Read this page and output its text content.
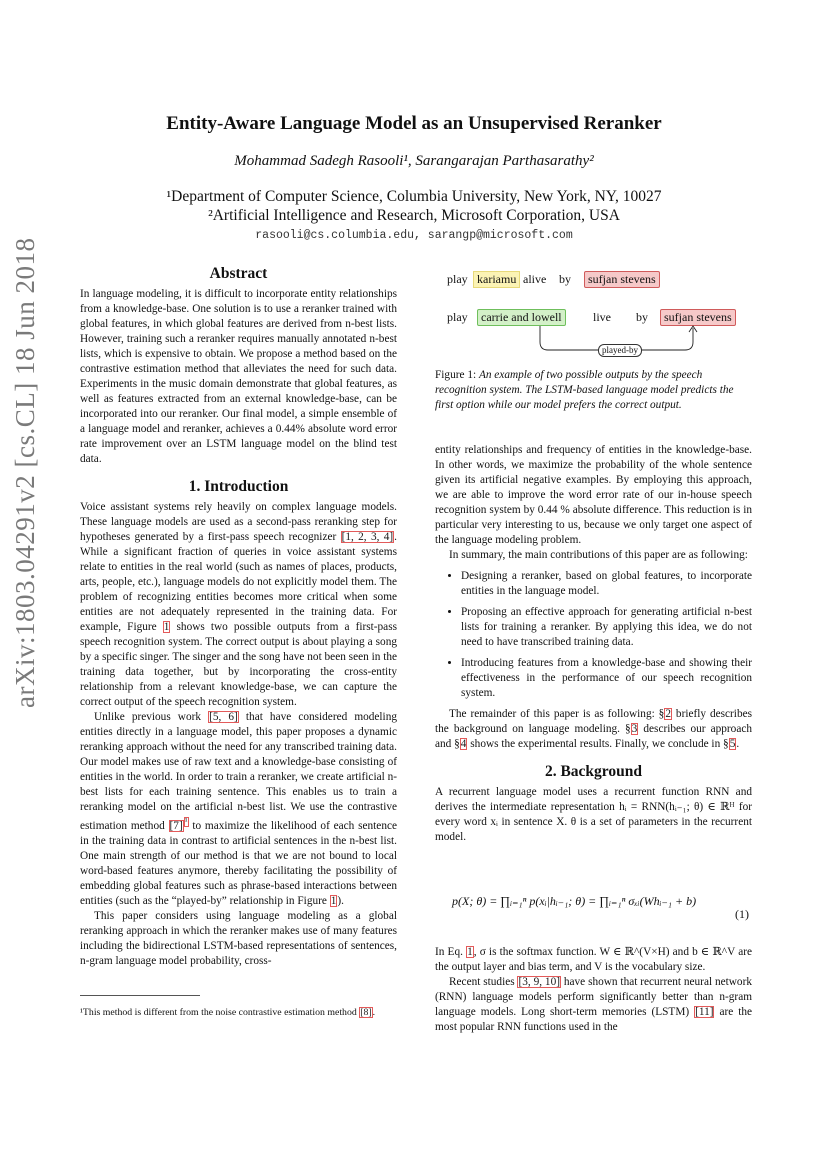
arXiv:1803.04291v2 [cs.CL] 18 Jun 2018
Entity-Aware Language Model as an Unsupervised Reranker
Mohammad Sadegh Rasooli¹, Sarangarajan Parthasarathy²
¹Department of Computer Science, Columbia University, New York, NY, 10027
²Artificial Intelligence and Research, Microsoft Corporation, USA
rasooli@cs.columbia.edu, sarangp@microsoft.com
Abstract

In language modeling, it is difficult to incorporate entity relationships from a knowledge-base. One solution is to use a reranker trained with global features, in which global features are derived from n-best lists. However, training such a reranker requires manually annotated n-best lists, which is expensive to obtain. We propose a method based on the contrastive estimation method that alleviates the need for such data. Experiments in the music domain demonstrate that global features, as well as features extracted from an external knowledge-base, can be incorporated into our reranker. Our final model, a simple ensemble of a language model and reranker, achieves a 0.44% absolute word error rate improvement over an LSTM language model on the blind test data.

1. Introduction

Voice assistant systems rely heavily on complex language models. These language models are used as a second-pass reranking step for hypotheses generated by a first-pass speech recognizer [1, 2, 3, 4]. While a significant fraction of queries in voice assistant systems relate to entities in the real world (such as names of places, products, arts, people, etc.), language models do not explicitly model them. The problem of recognizing entities becomes more critical when some entities are not adequately represented in the training data. For example, Figure 1 shows two possible outputs from a first-pass speech recognition system. The correct output is about playing a song by a specific singer. The singer and the song have not been seen in the training data together, but by incorporating the cross-entity relationship from a relevant knowledge-base, we can capture the correct output of the speech recognition system.

Unlike previous work [5, 6] that have considered modeling entities directly in a language model, this paper proposes a dynamic reranking approach without the need for any transcribed training data. Our model makes use of raw text and a knowledge-base consisting of entities in the world. In order to train a reranker, we create artificial n-best lists for each training sentence. This enables us to train a reranking model on the artificial n-best list. We use the contrastive estimation method [7] $^{^1}$ to maximize the likelihood of each sentence in the training data in contrast to artificial sentences in the n-best list. One main strength of our method is that we are not bound to local word-based features anymore, thereby facilitating the possibility of embedding global features such as phrase-based interactions between entities (such as the “played-by” relationship in Figure 1).

This paper considers using language modeling as a global reranking approach in which the reranker makes use of many features including the bidirectional LSTM-based representations of sentences, n-gram language model probability, cross-

¹This method is different from the noise contrastive estimation method [8].
play kariamu alive by	sufjan stevens
play	carrie and lowell	live by	sufjan stevens
played-by
Figure 1: An example of two possible outputs by the speech recognition system. The LSTM-based language model predicts the first option while our model prefers the correct output.

entity relationships and frequency of entities in the knowledge-base. In other words, we maximize the probability of the whole sentence given its artificial negative examples. By employing this approach, we are able to improve the word error rate of our in-house speech recognition system by 0.44 % absolute difference. This reduction is in particular very interesting to us, because we only target one aspect of the language modeling problem.

In summary, the main contributions of this paper are as following:

• Designing a reranker, based on global features, to incorporate entities in the language model.
• Proposing an effective approach for generating artificial n-best lists for training a reranker. By applying this idea, we do not need to have transcribed training data.
• Introducing features from a knowledge-base and showing their effectiveness in the performance of our speech recognition system.

The remainder of this paper is as following: §2 briefly describes the background on language modeling. §3 describes our approach and §4 shows the experimental results. Finally, we conclude in §5.

2. Background

A recurrent language model uses a recurrent function RNN and derives the intermediate representation hᵢ = RNN(hᵢ₋₁; θ) ∈ ℝᴴ for every word xᵢ in sentence X. θ is a set of parameters in the recurrent model.

p(X; θ) = ∏ᵢ₌₁ⁿ p(xᵢ|hᵢ₋₁; θ) = ∏ᵢ₌₁ⁿ σₓᵢ(Whᵢ₋₁ + b)
(1)

In Eq. 1, σ is the softmax function. W ∈ ℝ^(V×H) and b ∈ ℝ^V are the output layer and bias term, and V is the vocabulary size.

Recent studies [3, 9, 10] have shown that recurrent neural network (RNN) language models perform significantly better than n-gram language models. Long short-term memories (LSTM) [11] are the most popular RNN functions used in the
